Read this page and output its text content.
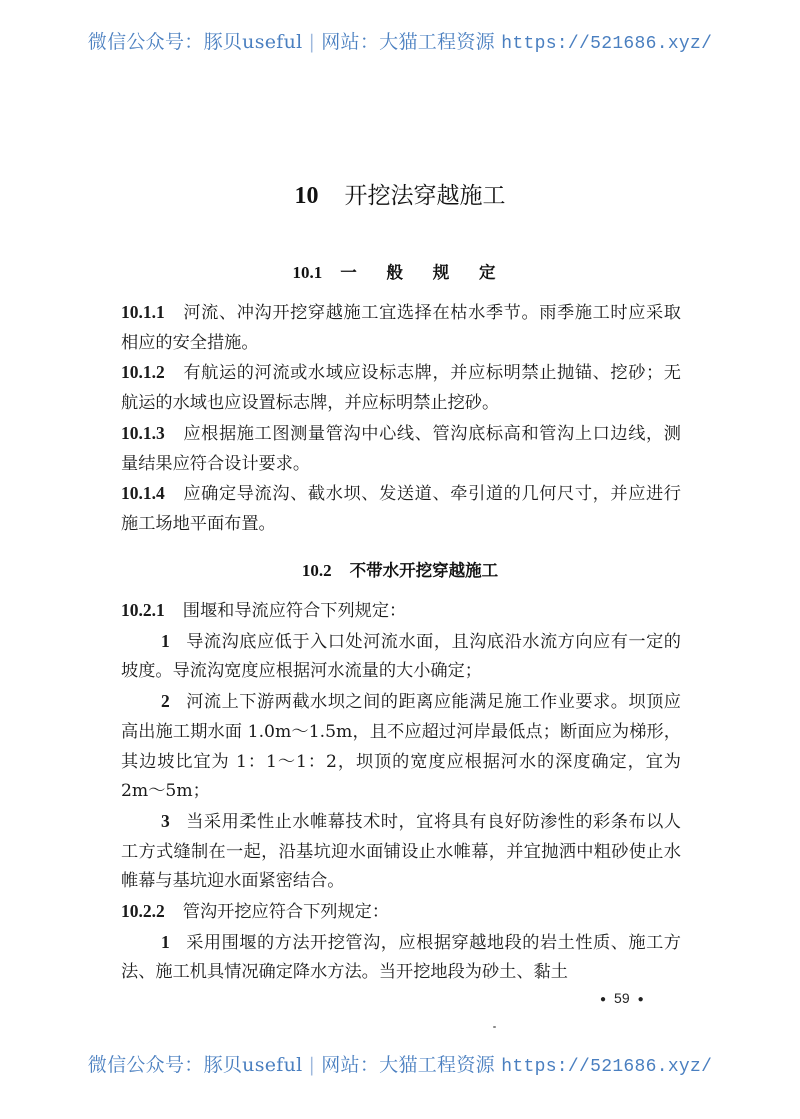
微信公众号：豚贝useful | 网站：大猫工程资源 https://521686.xyz/
10 开挖法穿越施工
10.1 一 般 规 定

10.1.1 河流、冲沟开挖穿越施工宜选择在枯水季节。雨季施工时应采取相应的安全措施。

10.1.2 有航运的河流或水域应设标志牌，并应标明禁止抛锚、挖砂；无航运的水域也应设置标志牌，并应标明禁止挖砂。

10.1.3 应根据施工图测量管沟中心线、管沟底标高和管沟上口边线，测量结果应符合设计要求。

10.1.4 应确定导流沟、截水坝、发送道、牵引道的几何尺寸，并应进行施工场地平面布置。

10.2 不带水开挖穿越施工

10.2.1 围堰和导流应符合下列规定：

1 导流沟底应低于入口处河流水面，且沟底沿水流方向应有一定的坡度。导流沟宽度应根据河水流量的大小确定；

2 河流上下游两截水坝之间的距离应能满足施工作业要求。坝顶应高出施工期水面 1.0m～1.5m，且不应超过河岸最低点；断面应为梯形，其边坡比宜为 1：1～1：2，坝顶的宽度应根据河水的深度确定，宜为 2m～5m；

3 当采用柔性止水帷幕技术时，宜将具有良好防渗性的彩条布以人工方式缝制在一起，沿基坑迎水面铺设止水帷幕，并宜抛洒中粗砂使止水帷幕与基坑迎水面紧密结合。

10.2.2 管沟开挖应符合下列规定：

1 采用围堰的方法开挖管沟，应根据穿越地段的岩土性质、施工方法、施工机具情况确定降水方法。当开挖地段为砂土、黏土

● 59 ●
微信公众号：豚贝useful | 网站：大猫工程资源 https://521686.xyz/
